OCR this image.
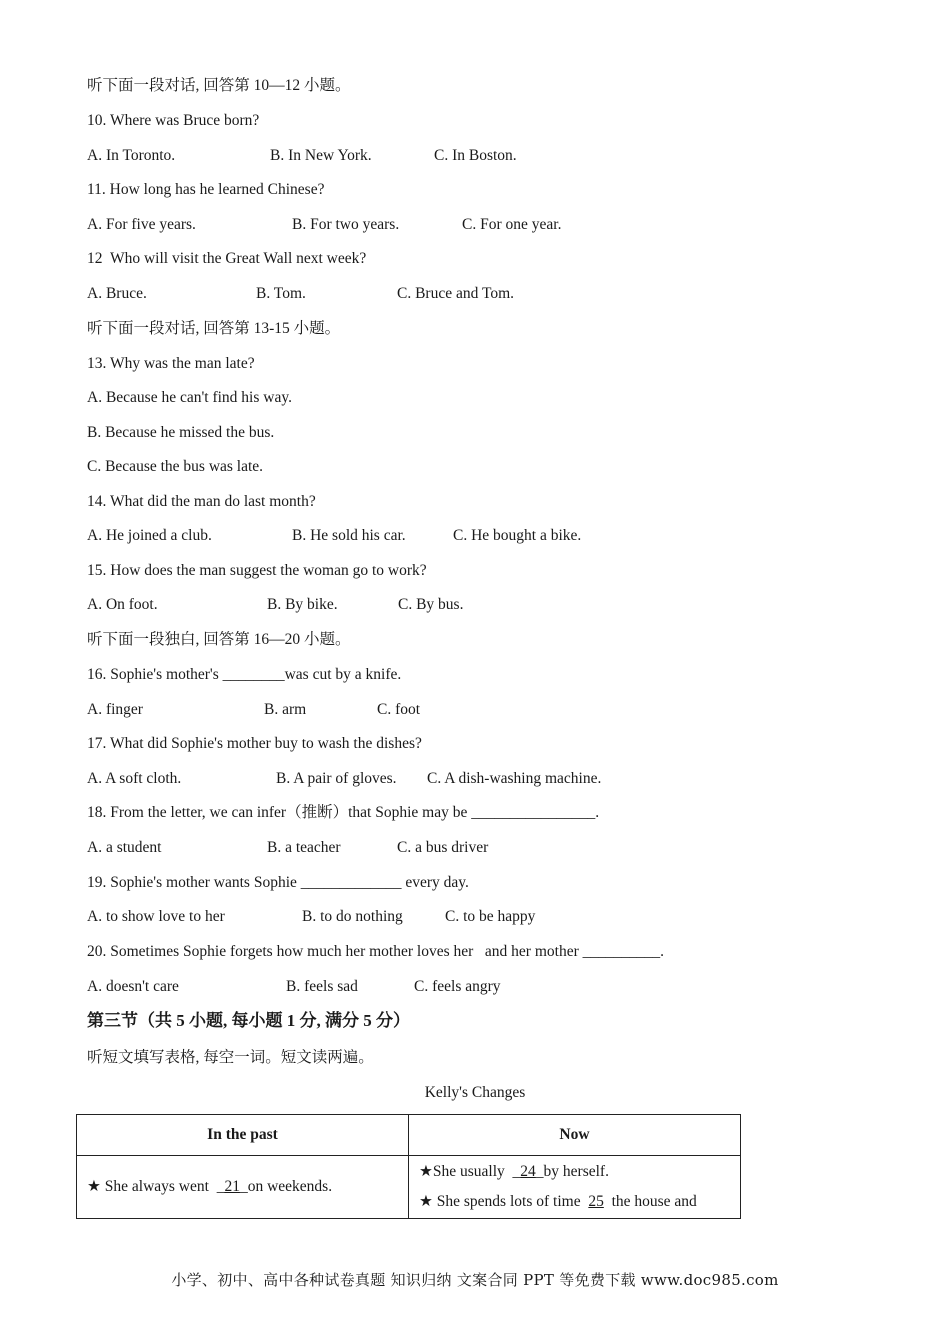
听下面一段对话, 回答第 10—12 小题。
10. Where was Bruce born?
A. In Toronto.	B. In New York.	C. In Boston.
11. How long has he learned Chinese?
A. For five years.	B. For two years.	C. For one year.
12  Who will visit the Great Wall next week?
A. Bruce.	B. Tom.	C. Bruce and Tom.
听下面一段对话, 回答第 13-15 小题。
13. Why was the man late?
A. Because he can't find his way.
B. Because he missed the bus.
C. Because the bus was late.
14. What did the man do last month?
A. He joined a club.	B. He sold his car.	C. He bought a bike.
15. How does the man suggest the woman go to work?
A. On foot.	B. By bike.	C. By bus.
听下面一段独白, 回答第 16—20 小题。
16. Sophie's mother's ________was cut by a knife.
A. finger	B. arm	C. foot
17. What did Sophie's mother buy to wash the dishes?
A. A soft cloth.	B. A pair of gloves. C. A dish-washing machine.
18. From the letter, we can infer（推断）that Sophie may be ________________.
A. a student	B. a teacher	C. a bus driver
19. Sophie's mother wants Sophie _____________ every day.
A. to show love to her	B. to do nothing	C. to be happy
20. Sometimes Sophie forgets how much her mother loves her   and her mother __________.
A. doesn't care	B. feels sad	C. feels angry
第三节（共 5 小题, 每小题 1 分, 满分 5 分）
听短文填写表格, 每空一词。短文读两遍。
Kelly's Changes
In the past	Now

★ She always went  _21_on weekends.	★She usually  _24_by herself.
★ She spends lots of time  25  the house and
小学、初中、高中各种试卷真题 知识归纳 文案合同 PPT 等免费下载 www.doc985.com
